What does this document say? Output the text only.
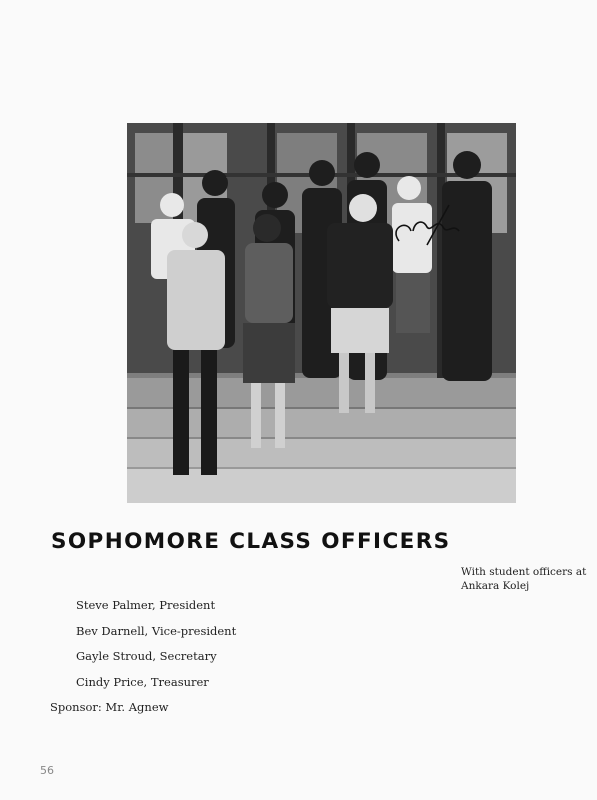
SOPHOMORE CLASS OFFICERS
With student officers at
Ankara Kolej
Steve Palmer, President
Bev Darnell, Vice-president
Gayle Stroud, Secretary
Cindy Price, Treasurer
Sponsor: Mr. Agnew
56
